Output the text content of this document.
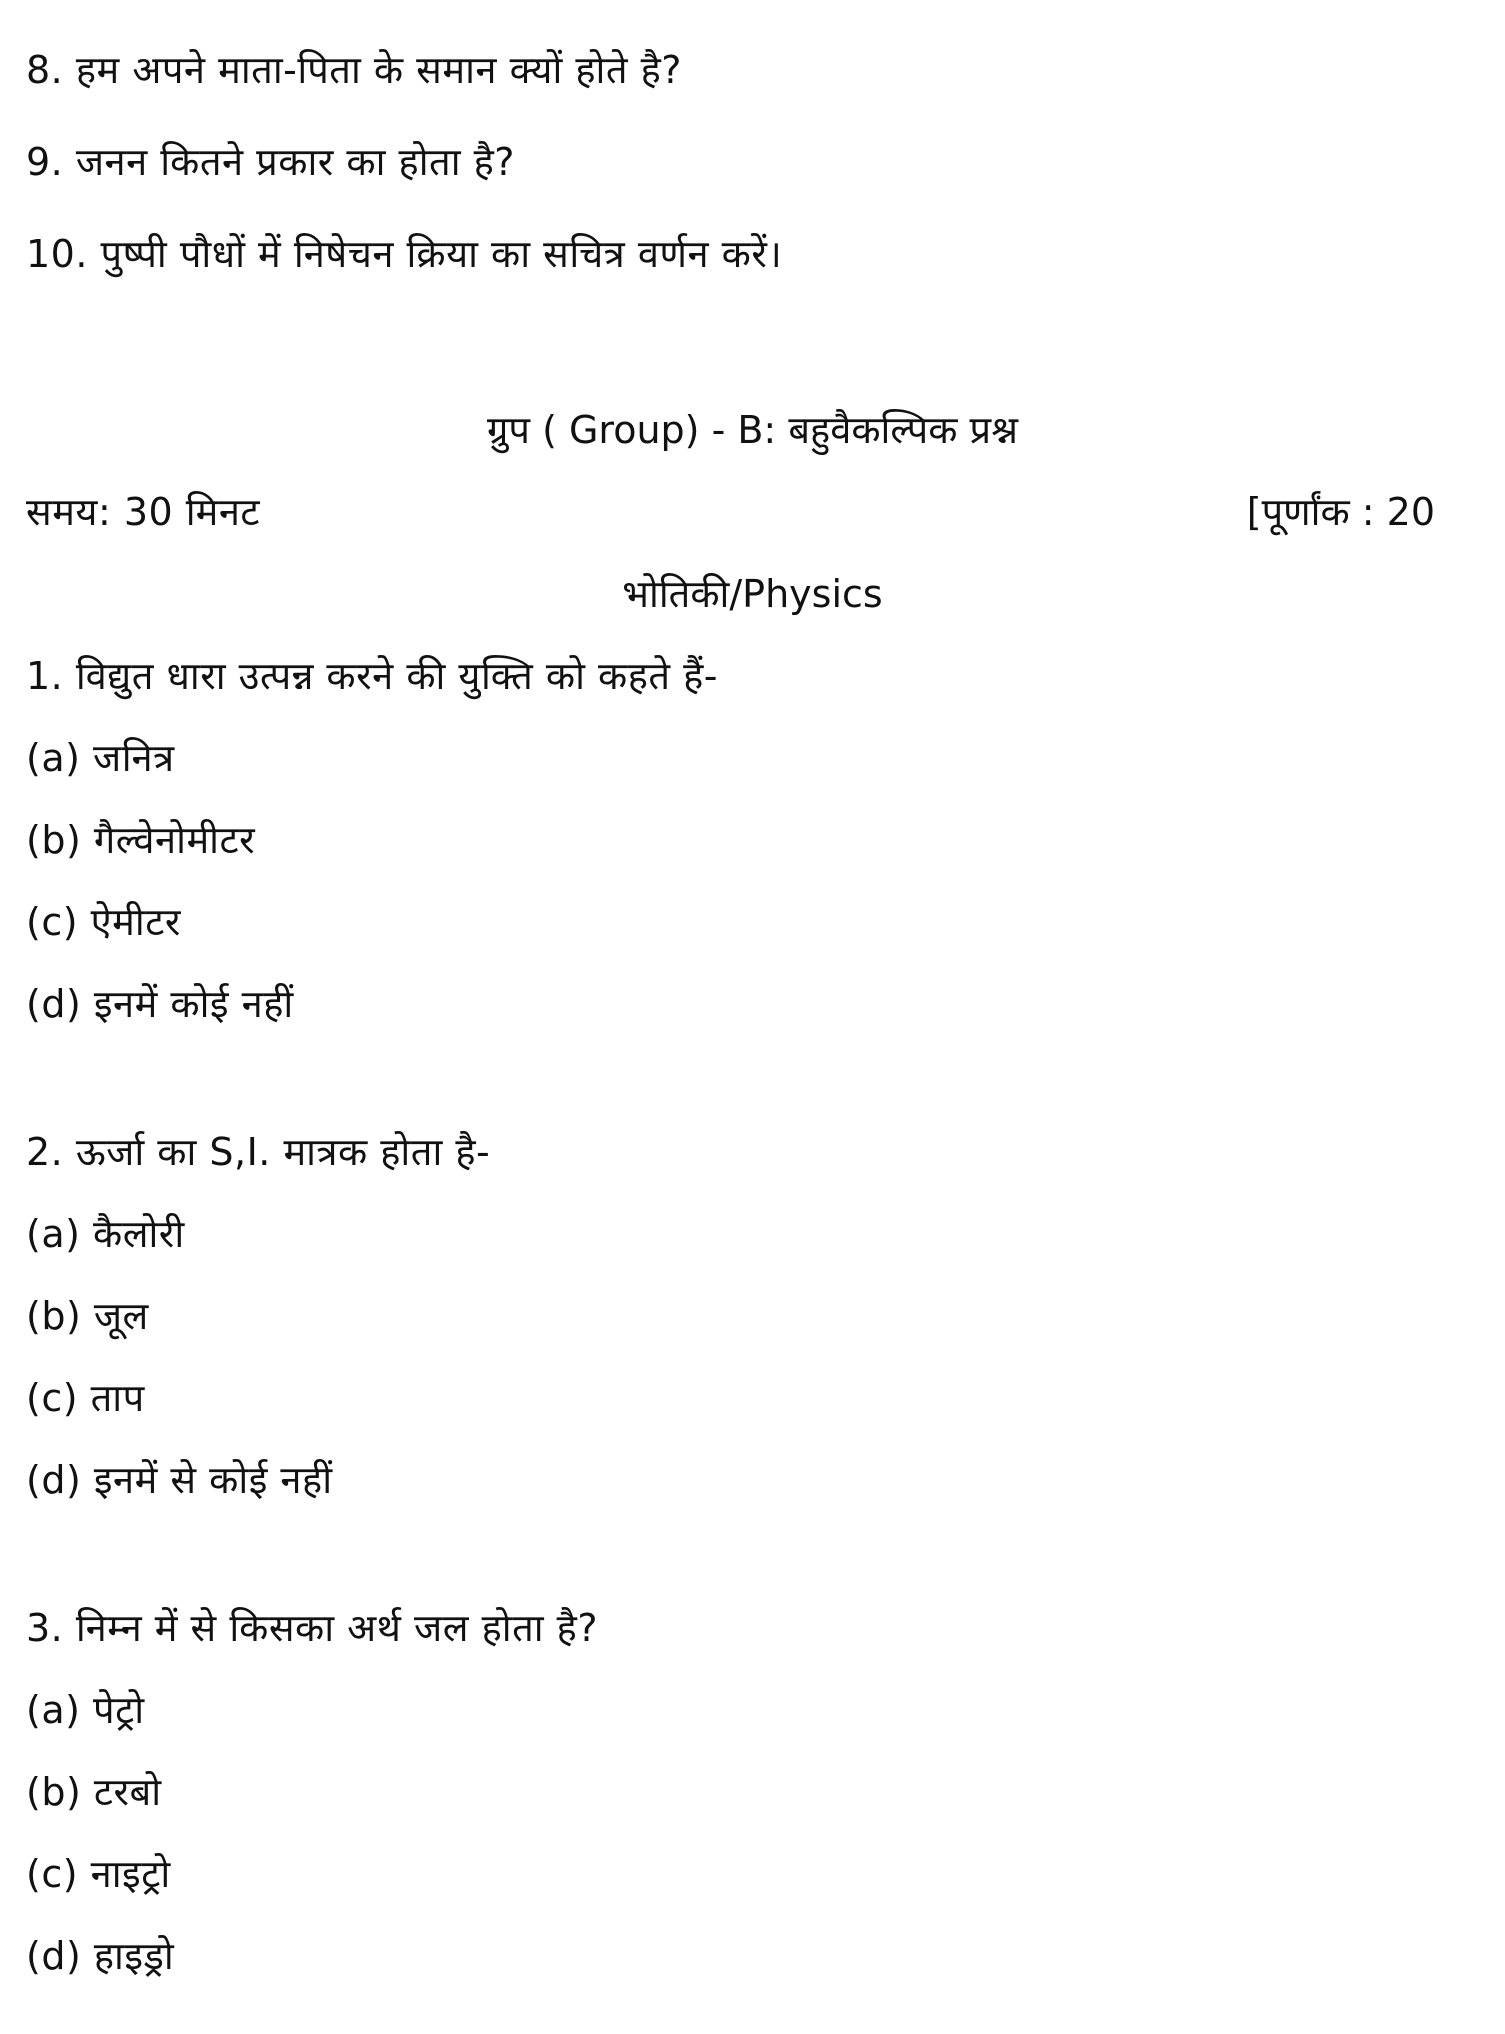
8. हम अपने माता-पिता के समान क्यों होते है?
9. जनन कितने प्रकार का होता है?
10. पुष्पी पौधों में निषेचन क्रिया का सचित्र वर्णन करें।
ग्रुप ( Group) - B: बहुवैकल्पिक प्रश्न
समय: 30 मिनट	[पूर्णांक : 20
भोतिकी/Physics
1. विद्युत धारा उत्पन्न करने की युक्ति को कहते हैं-
(a) जनित्र
(b) गैल्वेनोमीटर
(c) ऐमीटर
(d) इनमें कोई नहीं
2. ऊर्जा का S,I. मात्रक होता है-
(a) कैलोरी
(b) जूल
(c) ताप
(d) इनमें से कोई नहीं
3. निम्न में से किसका अर्थ जल होता है?
(a) पेट्रो
(b) टरबो
(c) नाइट्रो
(d) हाइड्रो
